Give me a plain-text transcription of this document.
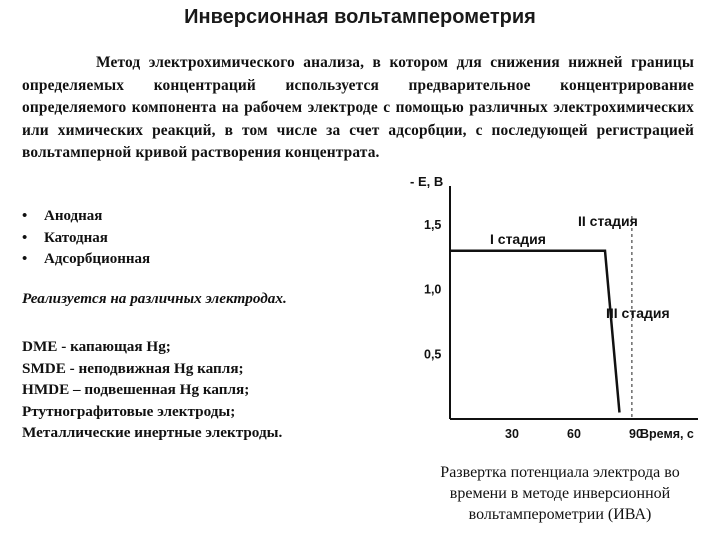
Инверсионная вольтамперометрия
Метод электрохимического анализа, в котором для снижения нижней границы определяемых концентраций используется предварительное концентрирование определяемого компонента на рабочем электроде с помощью различных электрохимических или химических реакций, в том числе за счет адсорбции, с последующей регистрацией вольтамперной кривой растворения концентрата.
• Анодная
• Катодная
• Адсорбционная
Реализуется на различных электродах.
DME - капающая Hg;
SMDE - неподвижная Hg капля;
HMDE – подвешенная Hg капля;
Ртутнографитовые электроды;
Металлические инертные электроды.
- E, B
Время, с
30	60	90
1,5
1,0
0,5
I стадия
II стадия
III стадия
Развертка потенциала электрода во времени в методе инверсионной вольтамперометрии (ИВА)
